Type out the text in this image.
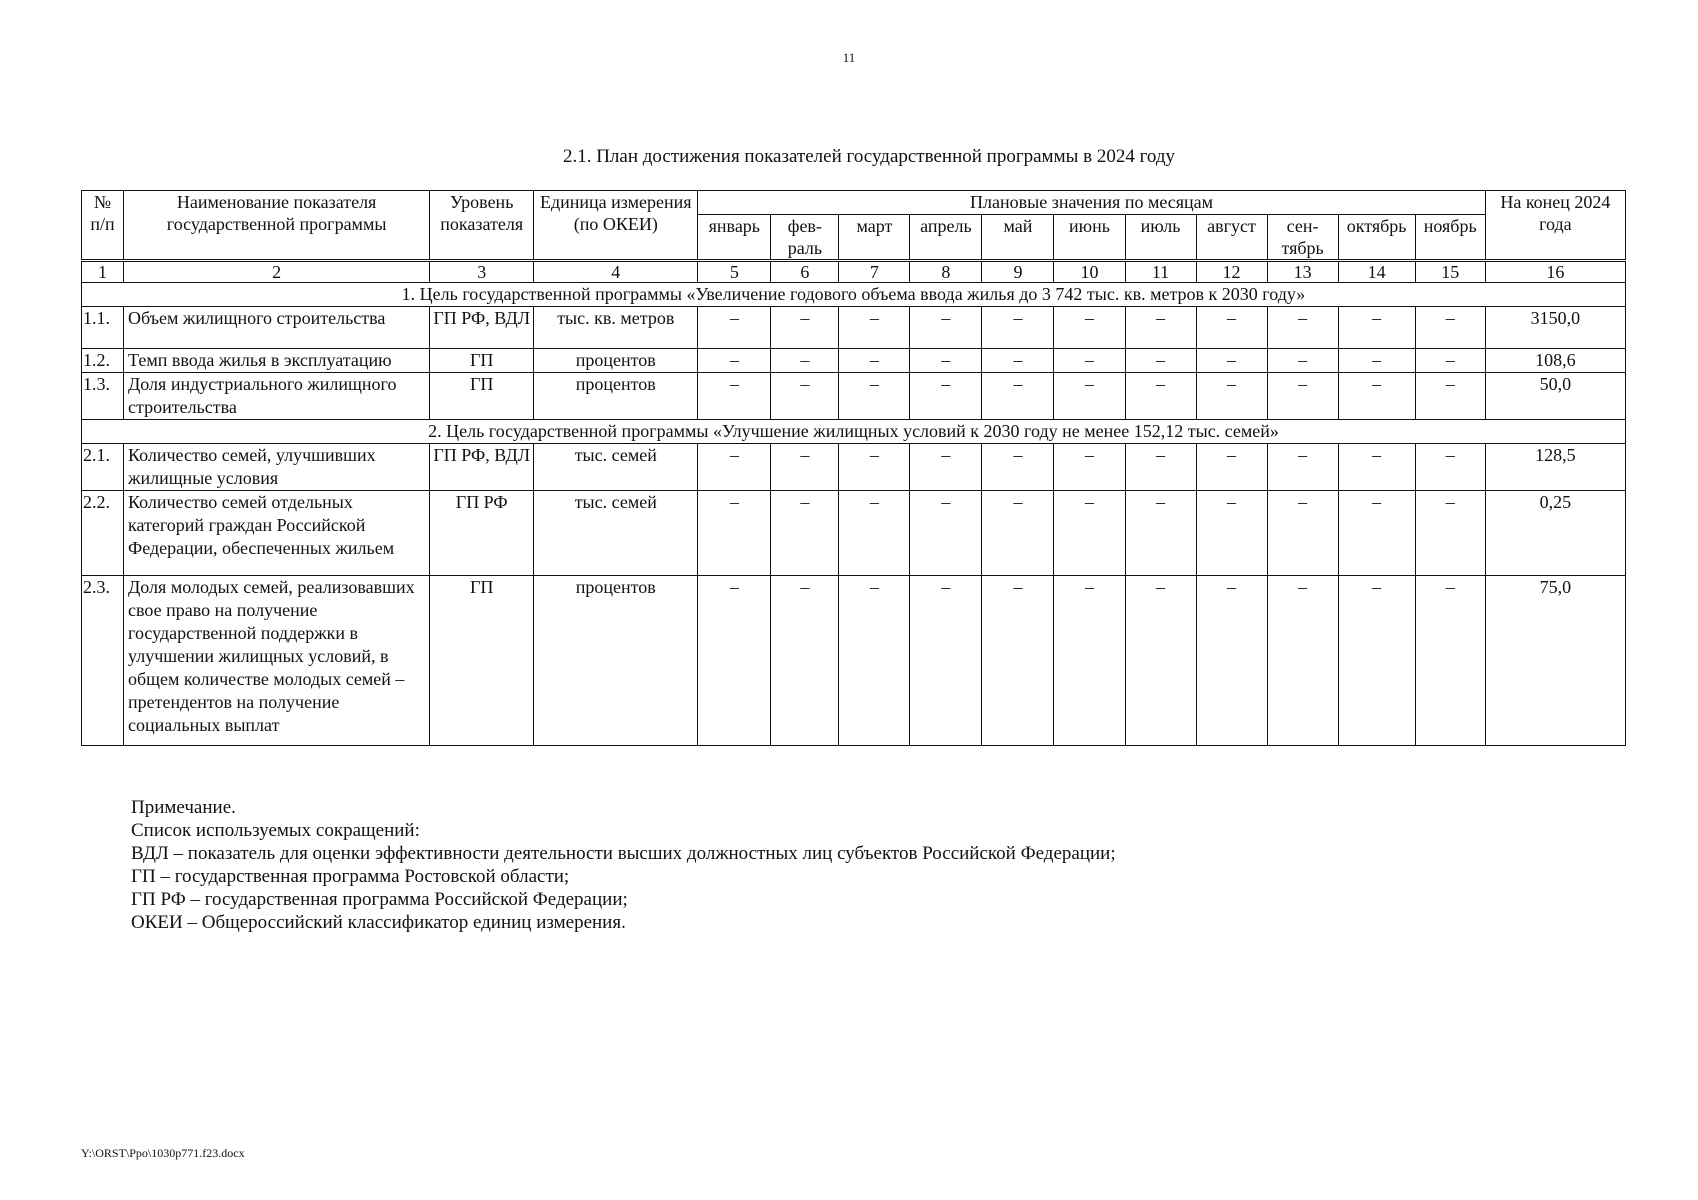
11
2.1. План достижения показателей государственной программы в 2024 году
№ п/п	Наименование показателя государственной программы	Уровень показателя	Единица измерения (по ОКЕИ)	Плановые значения по месяцам											На конец 2024 года
				январь	фев-раль	март	апрель	май	июнь	июль	август	сен-тябрь	октябрь	ноябрь	
1	2	3	4	5	6	7	8	9	10	11	12	13	14	15	16
1. Цель государственной программы «Увеличение годового объема ввода жилья до 3 742 тыс. кв. метров к 2030 году»															
1.1.	Объем жилищного строительства	ГП РФ, ВДЛ	тыс. кв. метров	–	–	–	–	–	–	–	–	–	–	–	3150,0
1.2.	Темп ввода жилья в эксплуатацию	ГП	процентов	–	–	–	–	–	–	–	–	–	–	–	108,6
1.3.	Доля индустриального жилищного строительства	ГП	процентов	–	–	–	–	–	–	–	–	–	–	–	50,0
2. Цель государственной программы «Улучшение жилищных условий к 2030 году не менее 152,12 тыс. семей»															
2.1.	Количество семей, улучшивших жилищные условия	ГП РФ, ВДЛ	тыс. семей	–	–	–	–	–	–	–	–	–	–	–	128,5
2.2.	Количество семей отдельных категорий граждан Российской Федерации, обеспеченных жильем	ГП РФ	тыс. семей	–	–	–	–	–	–	–	–	–	–	–	0,25
2.3.	Доля молодых семей, реализовавших свое право на получение государственной поддержки в улучшении жилищных условий, в общем количестве молодых семей – претендентов на получение социальных выплат	ГП	процентов	–	–	–	–	–	–	–	–	–	–	–	75,0
Примечание.
Список используемых сокращений:
ВДЛ – показатель для оценки эффективности деятельности высших должностных лиц субъектов Российской Федерации;
ГП – государственная программа Ростовской области;
ГП РФ – государственная программа Российской Федерации;
ОКЕИ – Общероссийский классификатор единиц измерения.
Y:\ORST\Ppo\1030p771.f23.docx
